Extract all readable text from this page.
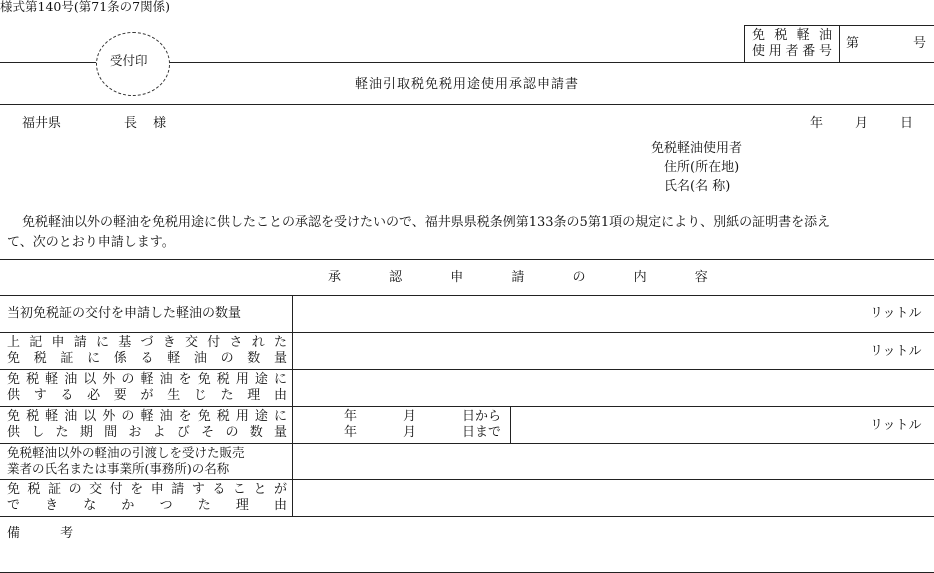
様式第140号(第71条の7関係)
免 税 軽 油
使用者番号
第	号
受付印
軽油引取税免税用途使用承認申請書
福井県	長 様	年 月 日
免税軽油使用者
住所(所在地)
氏名(名 称)
免税軽油以外の軽油を免税用途に供したことの承認を受けたいので、福井県県税条例第133条の5第1項の規定により、別紙の証明書を添え
て、次のとおり申請します。
承 認 申 請 の 内 容
当初免税証の交付を申請した軽油の数量	リットル
上記申請に基づき交付された
免税証に係る軽油の数量	リットル
免税軽油以外の軽油を免税用途に
供する必要が生じた理由
免税軽油以外の軽油を免税用途に
供した期間およびその数量
年	月	日から
年	月	日まで	リットル
免税軽油以外の軽油の引渡しを受けた販売
業者の氏名または事業所(事務所)の名称
免税証の交付を申請することが
できなかつた理由
備 考
